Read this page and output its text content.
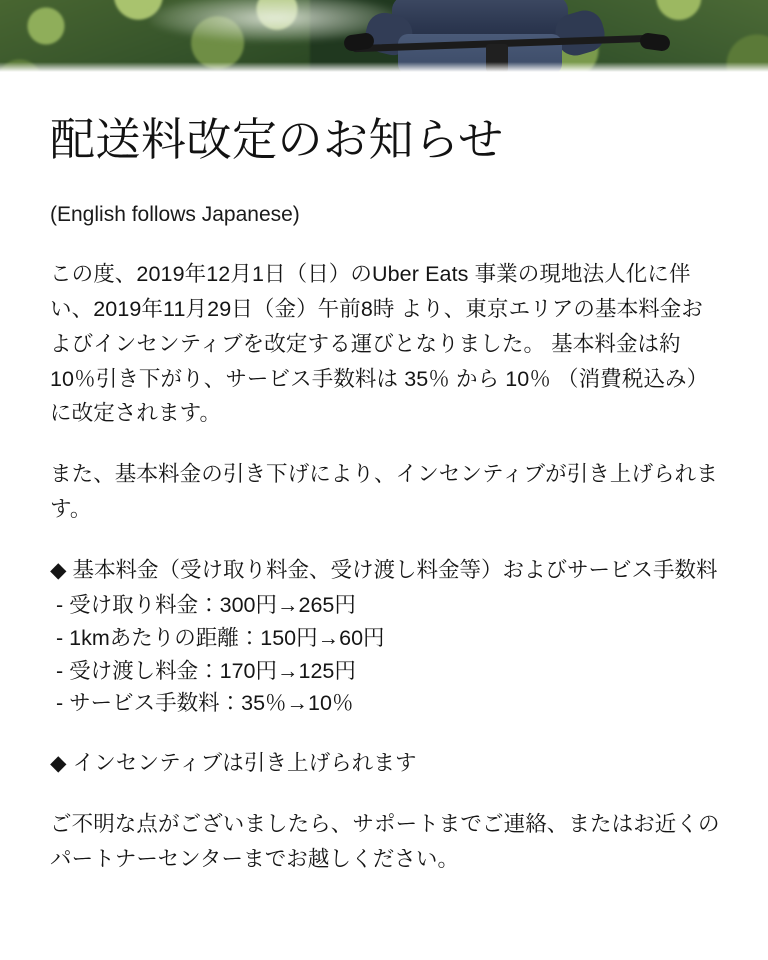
配送料改定のお知らせ

(English follows Japanese)

この度、2019年12月1日（日）のUber Eats 事業の現地法人化に伴い、2019年11月29日（金）午前8時 より、東京エリアの基本料金およびインセンティブを改定する運びとなりました。 基本料金は約10％引き下がり、サービス手数料は 35％ から 10％ （消費税込み）に改定されます。

また、基本料金の引き下げにより、インセンティブが引き上げられます。

◆ 基本料金（受け取り料金、受け渡し料金等）およびサービス手数料

- 受け取り料金：300円→265円
- 1kmあたりの距離：150円→60円
- 受け渡し料金：170円→125円
- サービス手数料：35％→10％

◆ インセンティブは引き上げられます

ご不明な点がございましたら、サポートまでご連絡、またはお近くのパートナーセンターまでお越しください。
